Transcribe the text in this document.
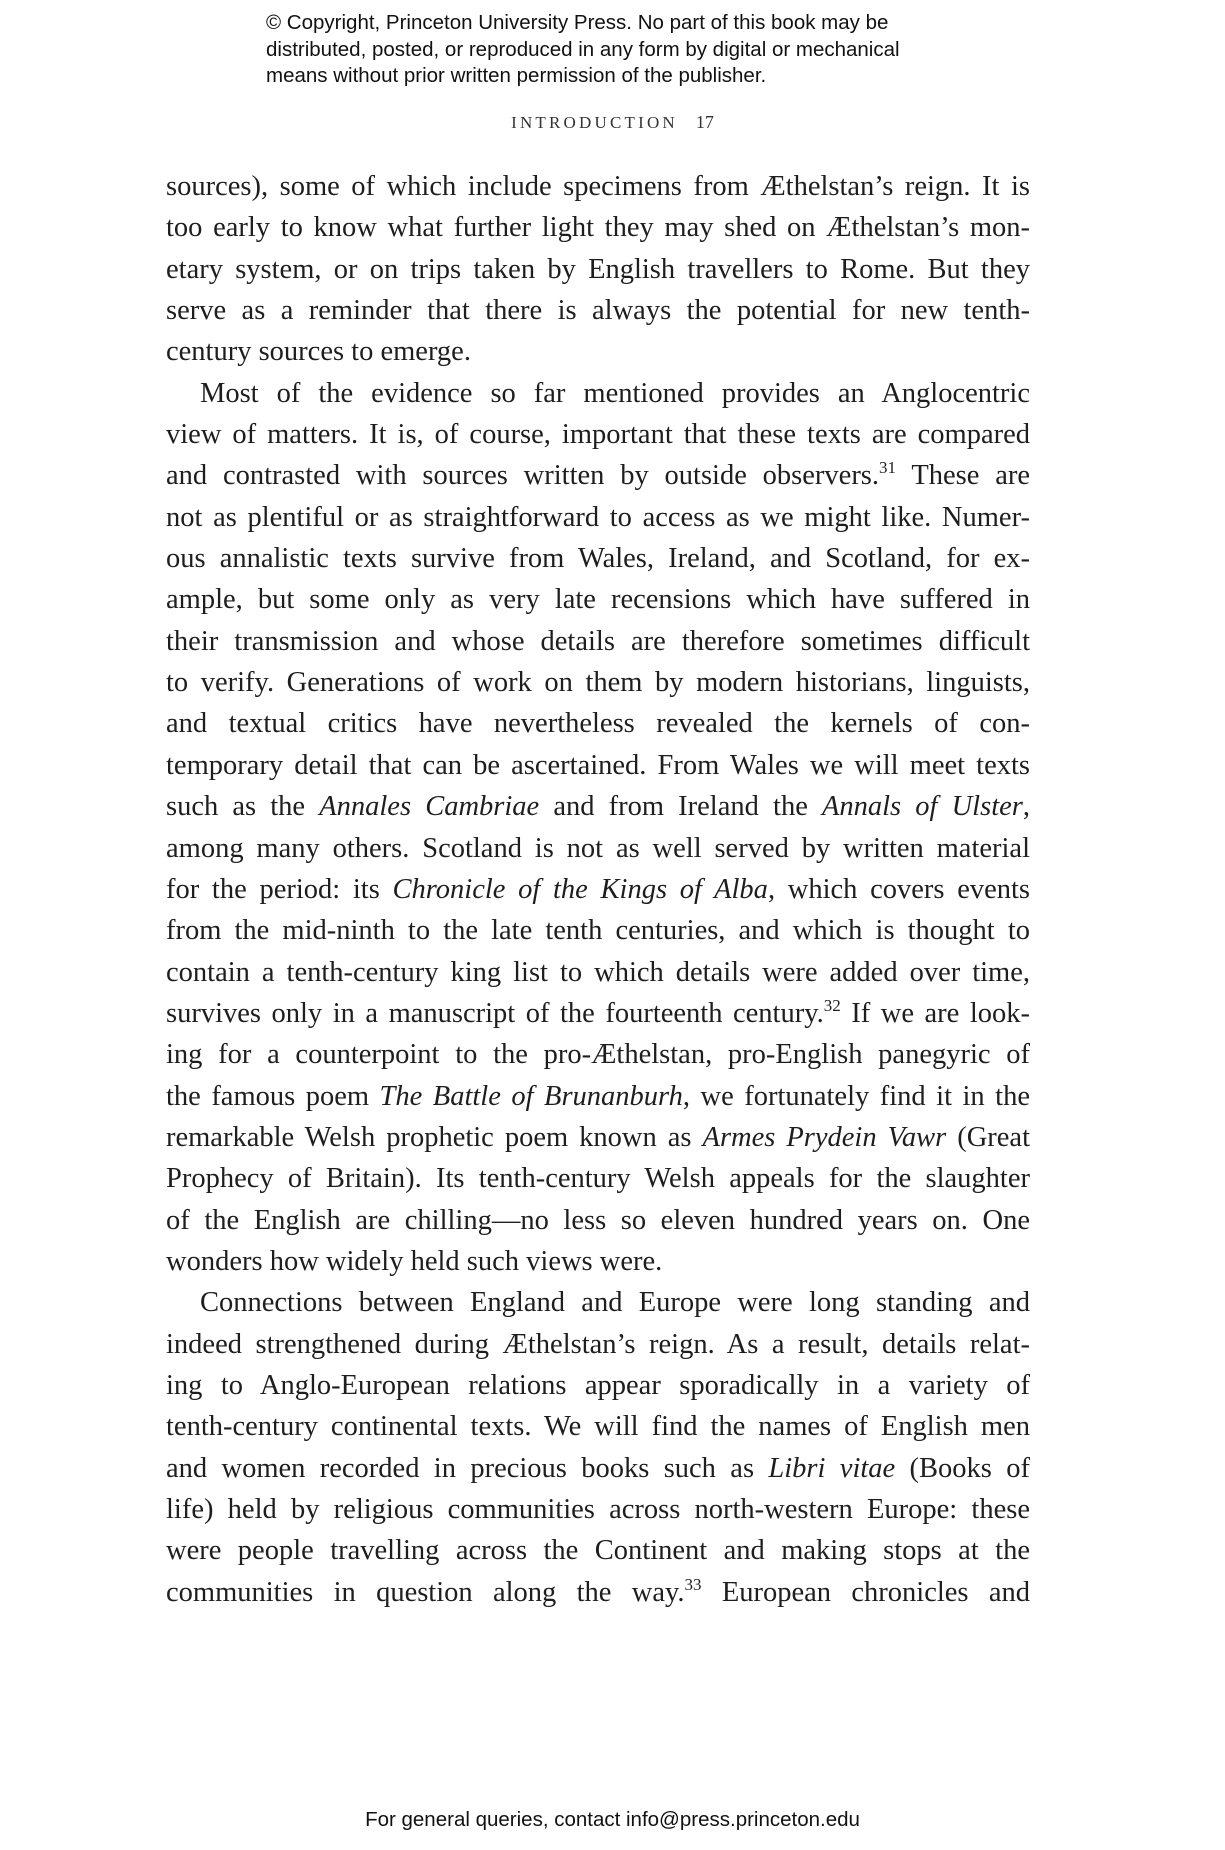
© Copyright, Princeton University Press. No part of this book may be
distributed, posted, or reproduced in any form by digital or mechanical
means without prior written permission of the publisher.
INTRODUCTION 17
sources), some of which include specimens from Æthelstan’s reign. It is
too early to know what further light they may shed on Æthelstan’s mon-
etary system, or on trips taken by English travellers to Rome. But they
serve as a reminder that there is always the potential for new tenth-
century sources to emerge.
Most of the evidence so far mentioned provides an Anglocentric
view of matters. It is, of course, important that these texts are compared
and contrasted with sources written by outside observers.$^{31}$ These are
not as plentiful or as straightforward to access as we might like. Numer-
ous annalistic texts survive from Wales, Ireland, and Scotland, for ex-
ample, but some only as very late recensions which have suffered in
their transmission and whose details are therefore sometimes difficult
to verify. Generations of work on them by modern historians, linguists,
and textual critics have nevertheless revealed the kernels of con-
temporary detail that can be ascertained. From Wales we will meet texts
such as the Annales Cambriae and from Ireland the Annals of Ulster,
among many others. Scotland is not as well served by written material
for the period: its Chronicle of the Kings of Alba, which covers events
from the mid-ninth to the late tenth centuries, and which is thought to
contain a tenth-century king list to which details were added over time,
survives only in a manuscript of the fourteenth century.$^{32}$ If we are look-
ing for a counterpoint to the pro-Æthelstan, pro-English panegyric of
the famous poem The Battle of Brunanburh, we fortunately find it in the
remarkable Welsh prophetic poem known as Armes Prydein Vawr (Great
Prophecy of Britain). Its tenth-century Welsh appeals for the slaughter
of the English are chilling—no less so eleven hundred years on. One
wonders how widely held such views were.
Connections between England and Europe were long standing and
indeed strengthened during Æthelstan’s reign. As a result, details relat-
ing to Anglo-European relations appear sporadically in a variety of
tenth-century continental texts. We will find the names of English men
and women recorded in precious books such as Libri vitae (Books of
life) held by religious communities across north-western Europe: these
were people travelling across the Continent and making stops at the
communities in question along the way.$^{33}$ European chronicles and
For general queries, contact info@press.princeton.edu
